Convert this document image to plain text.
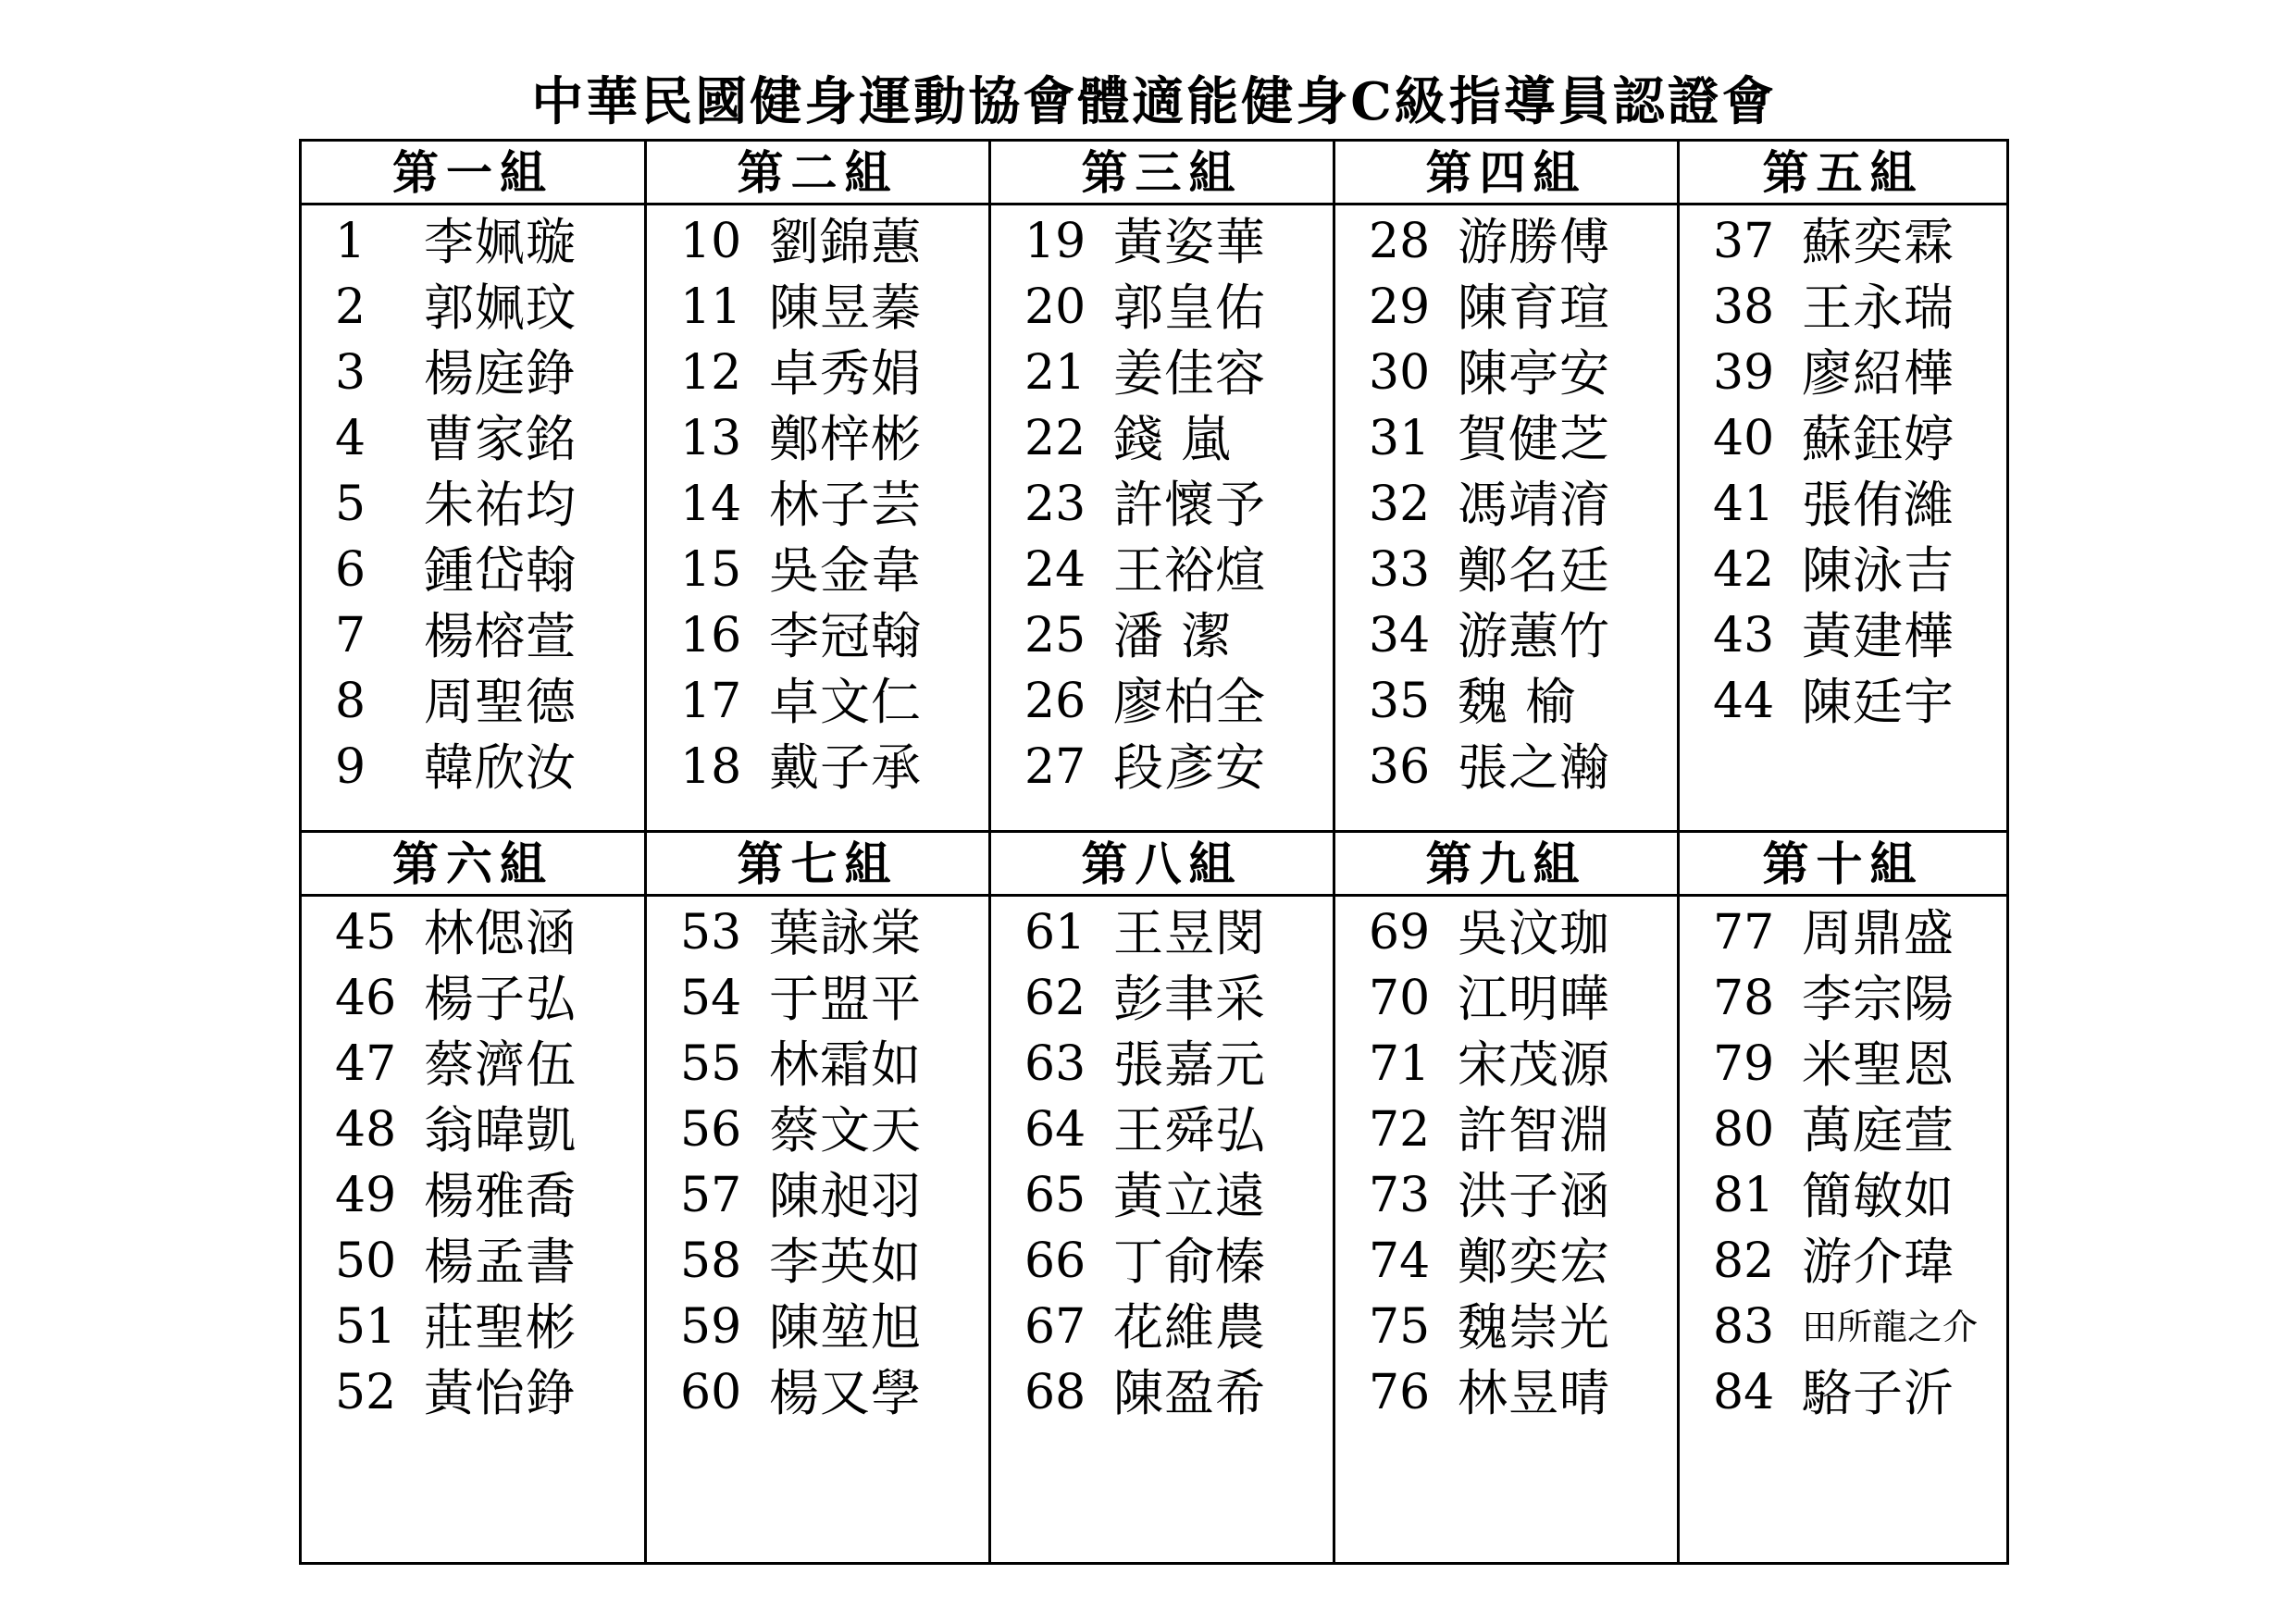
中華民國健身運動協會體適能健身C級指導員認證會
第一組
1	李姵璇
2	郭姵玟
3	楊庭錚
4	曹家銘
5	朱祐均
6	鍾岱翰
7	楊榕萱
8	周聖德
9	韓欣汝
第二組
10 劉錦蕙
11 陳昱蓁
12 卓秀娟
13 鄭梓彬
14 林子芸
15 吳金韋
16 李冠翰
17 卓文仁
18 戴子承
第三組
19 黃姿華
20 郭皇佑
21 姜佳容
22 錢 嵐
23 許懷予
24 王裕煊
25 潘 潔
26 廖柏全
27 段彥安
第四組
28 游勝傅
29 陳育瑄
30 陳亭安
31 賀健芝
32 馮靖淯
33 鄭名廷
34 游蕙竹
35 魏 榆
36 張之瀚
第五組
37 蘇奕霖
38 王永瑞
39 廖紹樺
40 蘇鈺婷
41 張侑濰
42 陳泳吉
43 黃建樺
44 陳廷宇
第六組
45 林偲涵
46 楊子弘
47 蔡濟伍
48 翁暐凱
49 楊雅喬
50 楊孟書
51 莊聖彬
52 黃怡錚
第七組
53 葉詠棠
54 于盟平
55 林霜如
56 蔡文天
57 陳昶羽
58 李英如
59 陳堃旭
60 楊又學
第八組
61 王昱閔
62 彭聿采
63 張嘉元
64 王舜弘
65 黃立遠
66 丁俞榛
67 花維農
68 陳盈希
第九組
69 吳汶珈
70 江明曄
71 宋茂源
72 許智淵
73 洪子涵
74 鄭奕宏
75 魏崇光
76 林昱晴
第十組
77 周鼎盛
78 李宗陽
79 米聖恩
80 萬庭萱
81 簡敏如
82 游介瑋
83 田所龍之介
84 駱子沂
